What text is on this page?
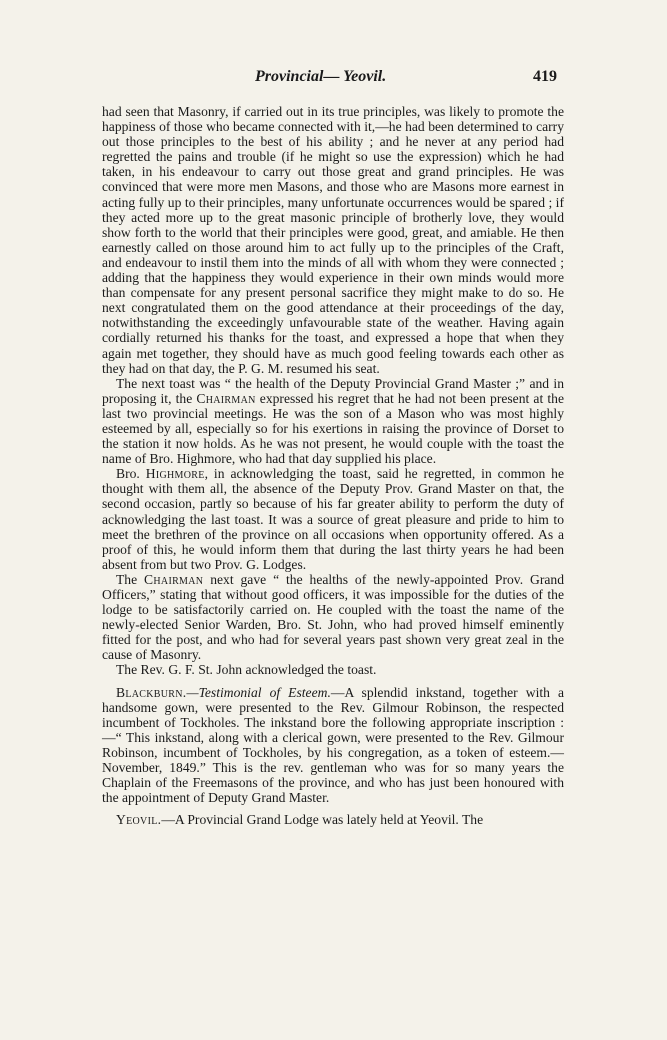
Provincial— Yeovil.	419

had seen that Masonry, if carried out in its true principles, was likely to promote the happiness of those who became connected with it,—he had been determined to carry out those principles to the best of his ability ; and he never at any period had regretted the pains and trouble (if he might so use the expression) which he had taken, in his endeavour to carry out those great and grand principles. He was convinced that were more men Masons, and those who are Masons more earnest in acting fully up to their principles, many unfortunate occurrences would be spared ; if they acted more up to the great masonic principle of brotherly love, they would show forth to the world that their principles were good, great, and amiable. He then earnestly called on those around him to act fully up to the principles of the Craft, and endeavour to instil them into the minds of all with whom they were connected ; adding that the happiness they would experience in their own minds would more than compensate for any present personal sacrifice they might make to do so. He next congratulated them on the good attendance at their proceedings of the day, notwithstanding the exceedingly unfavourable state of the weather. Having again cordially returned his thanks for the toast, and expressed a hope that when they again met together, they should have as much good feeling towards each other as they had on that day, the P. G. M. resumed his seat.

The next toast was “ the health of the Deputy Provincial Grand Master ;” and in proposing it, the Chairman expressed his regret that he had not been present at the last two provincial meetings. He was the son of a Mason who was most highly esteemed by all, especially so for his exertions in raising the province of Dorset to the station it now holds. As he was not present, he would couple with the toast the name of Bro. Highmore, who had that day supplied his place.

Bro. Highmore, in acknowledging the toast, said he regretted, in common he thought with them all, the absence of the Deputy Prov. Grand Master on that, the second occasion, partly so because of his far greater ability to perform the duty of acknowledging the last toast. It was a source of great pleasure and pride to him to meet the brethren of the province on all occasions when opportunity offered. As a proof of this, he would inform them that during the last thirty years he had been absent from but two Prov. G. Lodges.

The Chairman next gave “ the healths of the newly-appointed Prov. Grand Officers,” stating that without good officers, it was impossible for the duties of the lodge to be satisfactorily carried on. He coupled with the toast the name of the newly-elected Senior Warden, Bro. St. John, who had proved himself eminently fitted for the post, and who had for several years past shown very great zeal in the cause of Masonry.

The Rev. G. F. St. John acknowledged the toast.

Blackburn.—Testimonial of Esteem.—A splendid inkstand, together with a handsome gown, were presented to the Rev. Gilmour Robinson, the respected incumbent of Tockholes. The inkstand bore the following appropriate inscription :—“ This inkstand, along with a clerical gown, were presented to the Rev. Gilmour Robinson, incumbent of Tockholes, by his congregation, as a token of esteem.—November, 1849.” This is the rev. gentleman who was for so many years the Chaplain of the Freemasons of the province, and who has just been honoured with the appointment of Deputy Grand Master.

Yeovil.—A Provincial Grand Lodge was lately held at Yeovil. The
